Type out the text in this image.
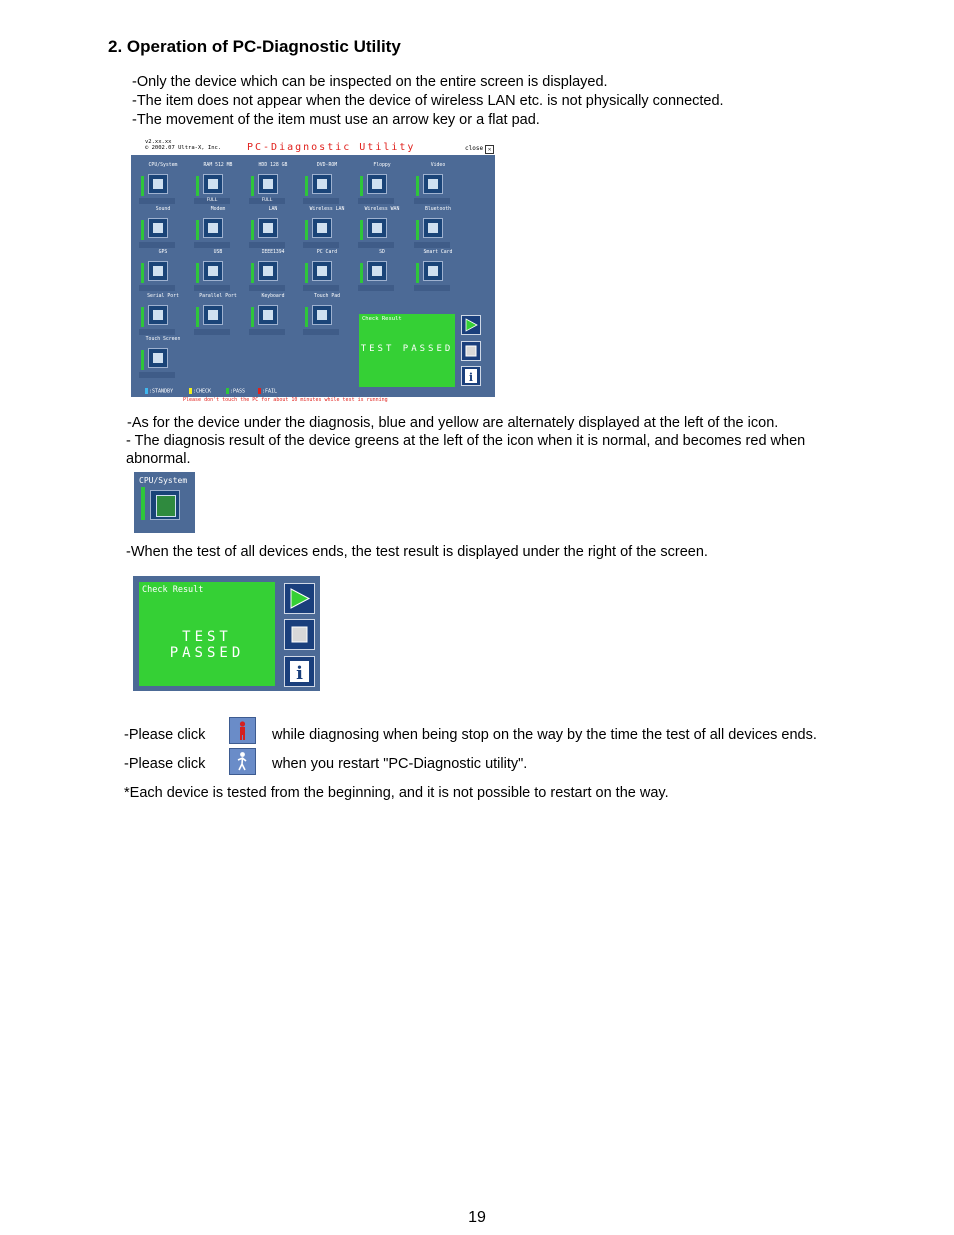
2. Operation of PC-Diagnostic Utility
-Only the device which can be inspected on the entire screen is displayed.
-The item does not appear when the device of wireless LAN etc. is not physically connected.
-The movement of the item must use an arrow key or a flat pad.
v2.xx.xx
© 2002.07 Ultra-X, Inc.	PC-Diagnostic Utility	close ✕
CPU/System	RAM 512 MB
FULL
HDD 128 GB
FULL
DVD-ROM	Floppy	Video
Sound	Modem	LAN	Wireless LAN	Wireless WAN	Bluetooth
GPS	USB	IEEE1394	PC Card	SD	Smart Card
Serial Port	Parallel Port	Keyboard	Touch Pad
Touch Screen
Check Result
TEST PASSED
i
:STANDBY	:CHECK	:PASS	:FAIL
Please don't touch the PC for about 10 minutes while test is running
-As for the device under the diagnosis, blue and yellow are alternately displayed at the left of the icon.
- The diagnosis result of the device greens at the left of the icon when it is normal, and becomes red when abnormal.
CPU/System
-When the test of all devices ends, the test result is displayed under the right of the screen.
Check Result
TEST PASSED
i
-Please click	while diagnosing when being stop on the way by the time the test of all devices ends.
-Please click	when you restart "PC-Diagnostic utility".
*Each device is tested from the beginning, and it is not possible to restart on the way.
19
